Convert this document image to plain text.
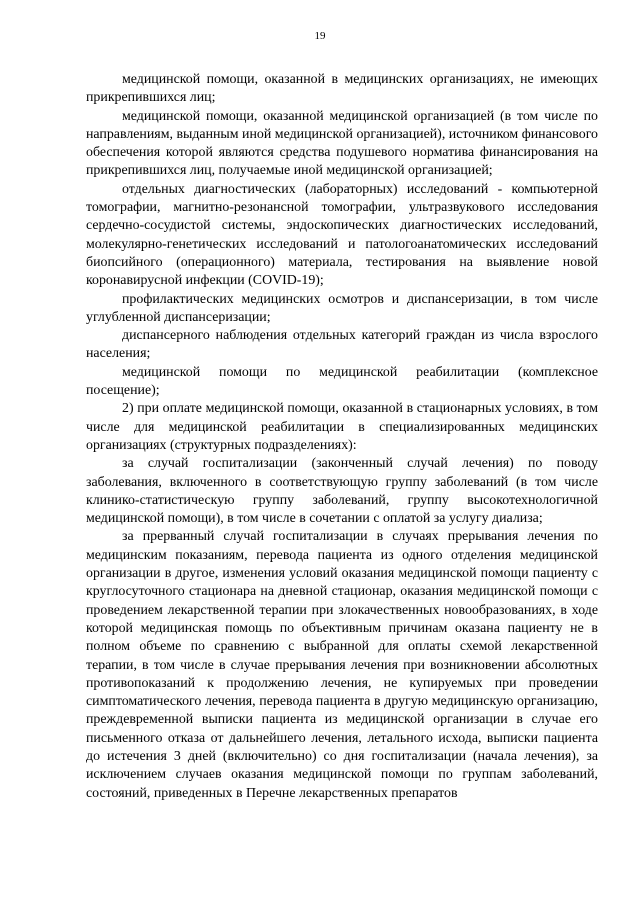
19

медицинской помощи, оказанной в медицинских организациях, не имеющих прикрепившихся лиц;

медицинской помощи, оказанной медицинской организацией (в том числе по направлениям, выданным иной медицинской организацией), источником финансового обеспечения которой являются средства подушевого норматива финансирования на прикрепившихся лиц, получаемые иной медицинской организацией;

отдельных диагностических (лабораторных) исследований - компьютерной томографии, магнитно-резонансной томографии, ультразвукового исследования сердечно-сосудистой системы, эндоскопических диагностических исследований, молекулярно-генетических исследований и патологоанатомических исследований биопсийного (операционного) материала, тестирования на выявление новой коронавирусной инфекции (COVID-19);

профилактических медицинских осмотров и диспансеризации, в том числе углубленной диспансеризации;

диспансерного наблюдения отдельных категорий граждан из числа взрослого населения;

медицинской помощи по медицинской реабилитации (комплексное посещение);

2) при оплате медицинской помощи, оказанной в стационарных условиях, в том числе для медицинской реабилитации в специализированных медицинских организациях (структурных подразделениях):

за случай госпитализации (законченный случай лечения) по поводу заболевания, включенного в соответствующую группу заболеваний (в том числе клинико-статистическую группу заболеваний, группу высокотехнологичной медицинской помощи), в том числе в сочетании с оплатой за услугу диализа;

за прерванный случай госпитализации в случаях прерывания лечения по медицинским показаниям, перевода пациента из одного отделения медицинской организации в другое, изменения условий оказания медицинской помощи пациенту с круглосуточного стационара на дневной стационар, оказания медицинской помощи с проведением лекарственной терапии при злокачественных новообразованиях, в ходе которой медицинская помощь по объективным причинам оказана пациенту не в полном объеме по сравнению с выбранной для оплаты схемой лекарственной терапии, в том числе в случае прерывания лечения при возникновении абсолютных противопоказаний к продолжению лечения, не купируемых при проведении симптоматического лечения, перевода пациента в другую медицинскую организацию, преждевременной выписки пациента из медицинской организации в случае его письменного отказа от дальнейшего лечения, летального исхода, выписки пациента до истечения 3 дней (включительно) со дня госпитализации (начала лечения), за исключением случаев оказания медицинской помощи по группам заболеваний, состояний, приведенных в Перечне лекарственных препаратов
